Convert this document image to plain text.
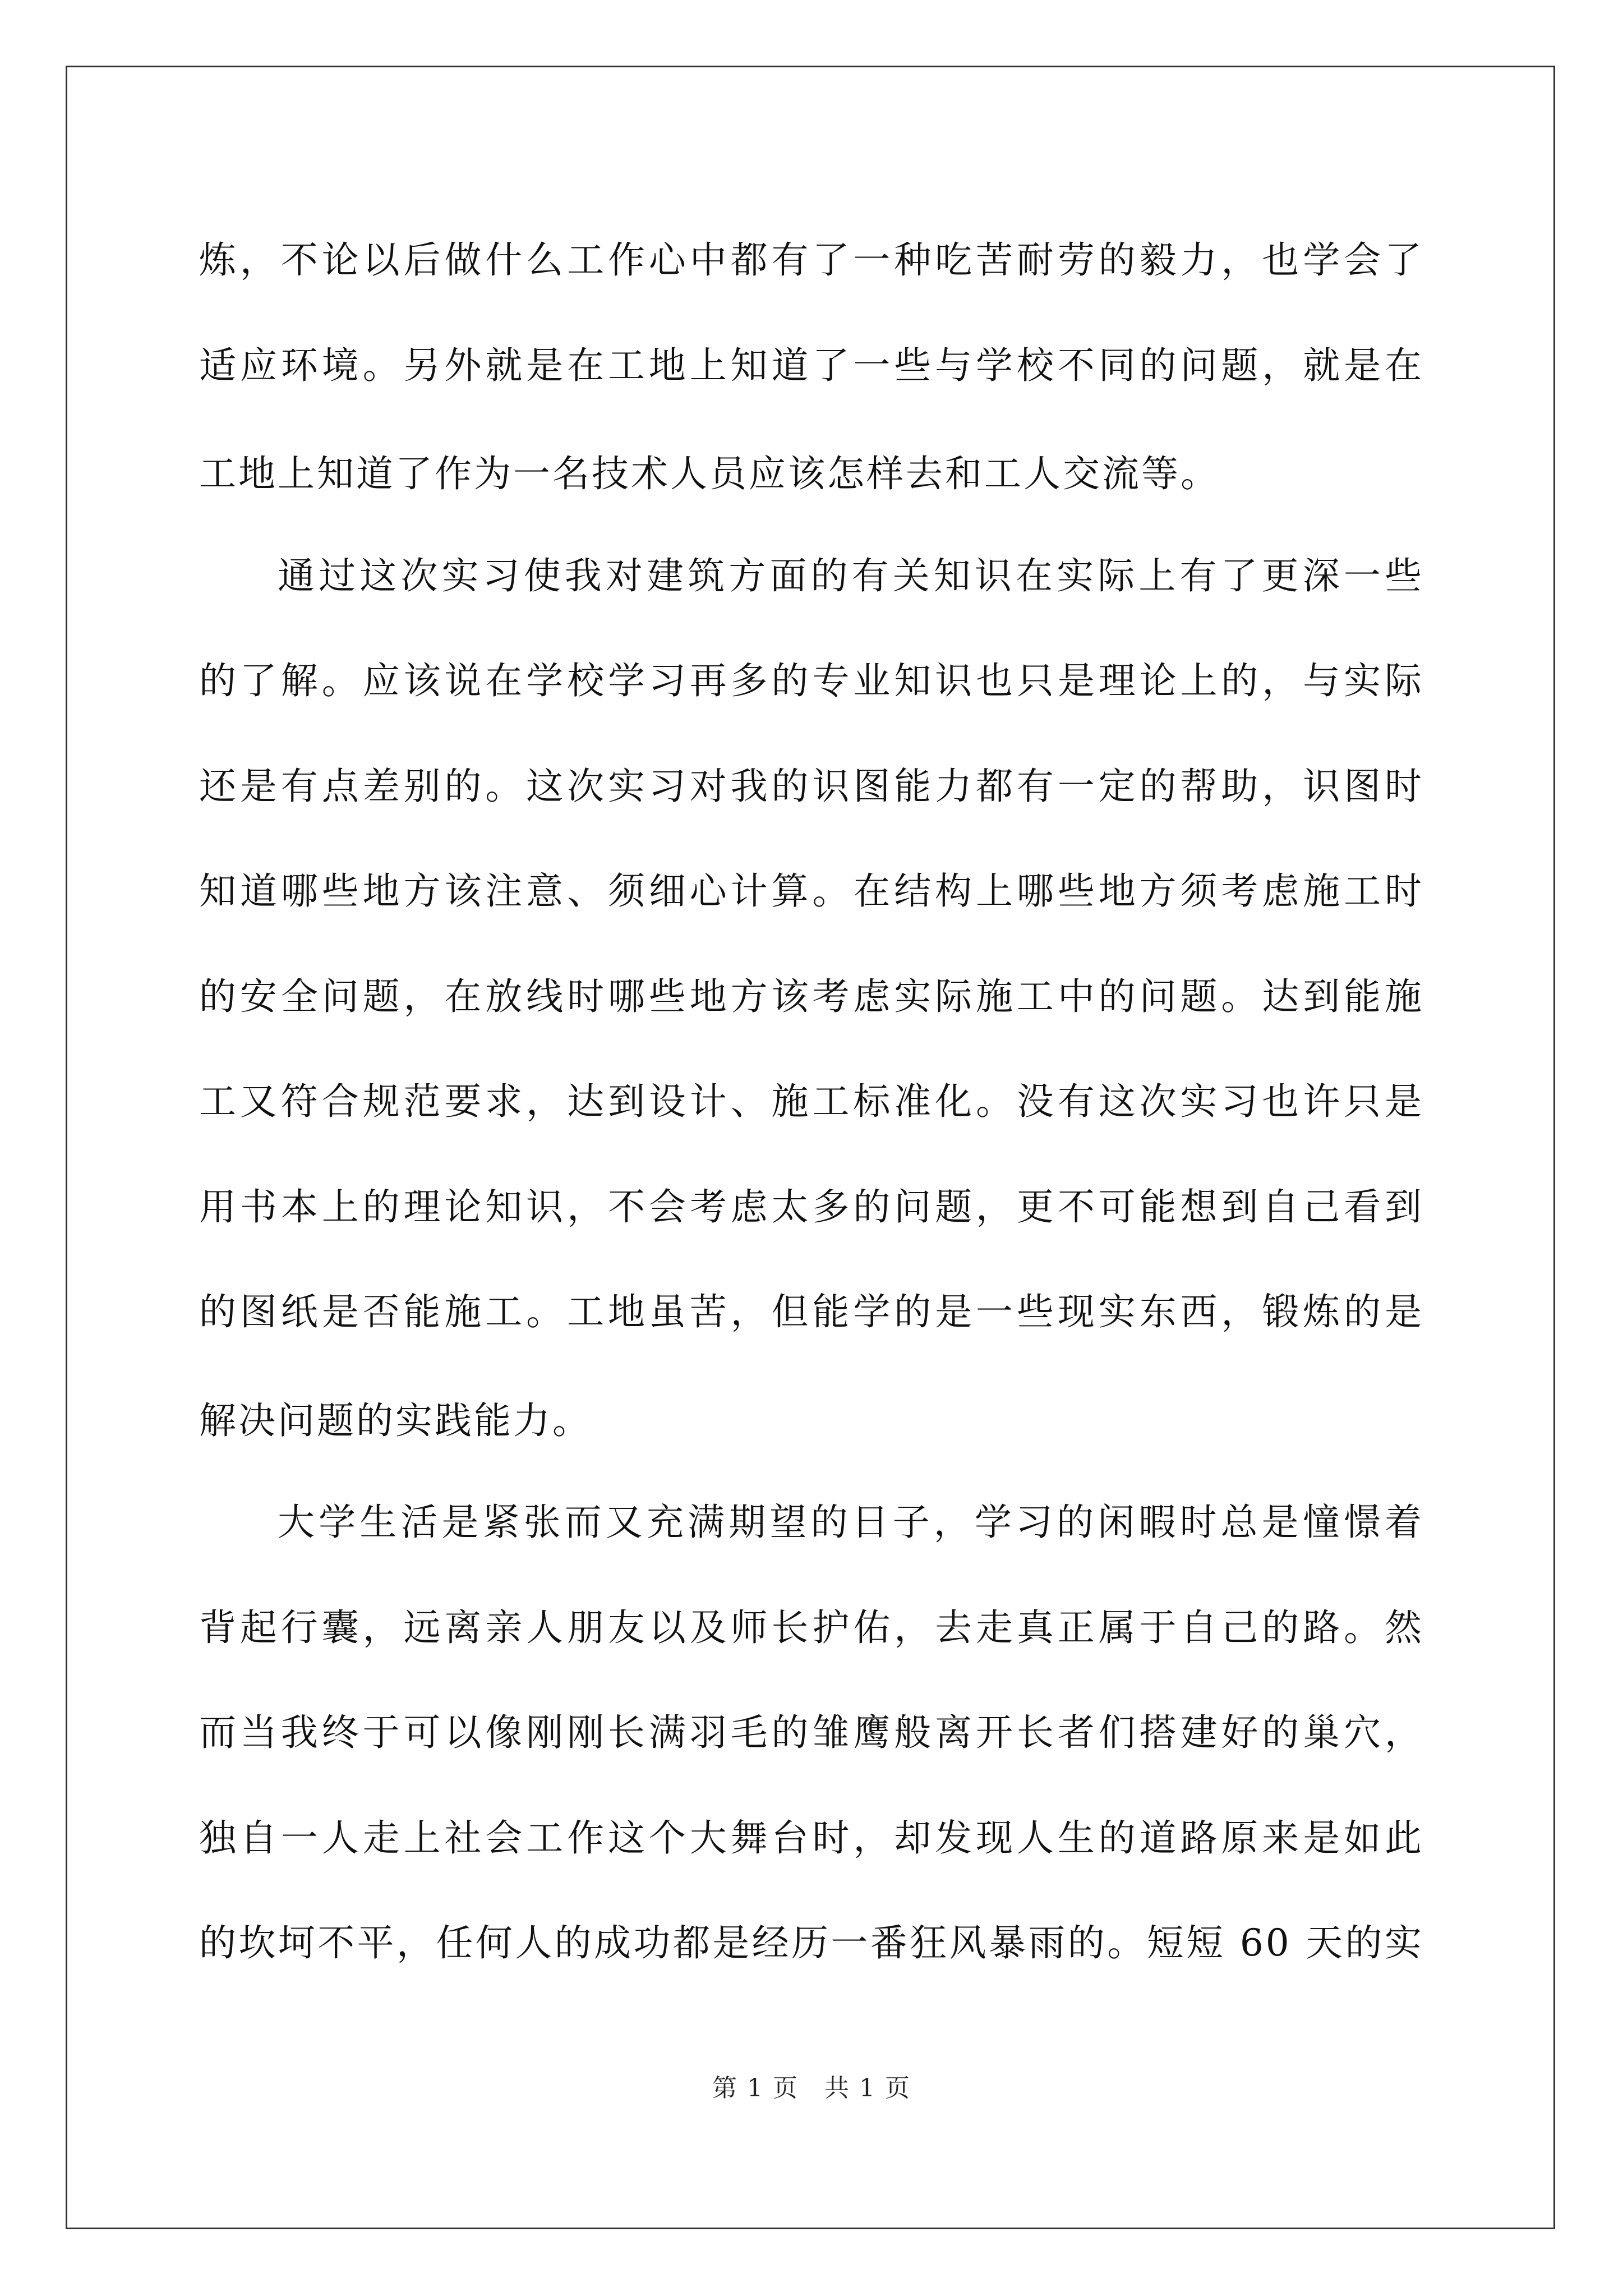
炼，不论以后做什么工作心中都有了一种吃苦耐劳的毅力，也学会了
适应环境。另外就是在工地上知道了一些与学校不同的问题，就是在
工地上知道了作为一名技术人员应该怎样去和工人交流等。
通过这次实习使我对建筑方面的有关知识在实际上有了更深一些
的了解。应该说在学校学习再多的专业知识也只是理论上的，与实际
还是有点差别的。这次实习对我的识图能力都有一定的帮助，识图时
知道哪些地方该注意、须细心计算。在结构上哪些地方须考虑施工时
的安全问题，在放线时哪些地方该考虑实际施工中的问题。达到能施
工又符合规范要求，达到设计、施工标准化。没有这次实习也许只是
用书本上的理论知识，不会考虑太多的问题，更不可能想到自己看到
的图纸是否能施工。工地虽苦，但能学的是一些现实东西，锻炼的是
解决问题的实践能力。
大学生活是紧张而又充满期望的日子，学习的闲暇时总是憧憬着
背起行囊，远离亲人朋友以及师长护佑，去走真正属于自己的路。然
而当我终于可以像刚刚长满羽毛的雏鹰般离开长者们搭建好的巢穴，
独自一人走上社会工作这个大舞台时，却发现人生的道路原来是如此
的坎坷不平，任何人的成功都是经历一番狂风暴雨的。短短 60 天的实
第 1 页 共 1 页
